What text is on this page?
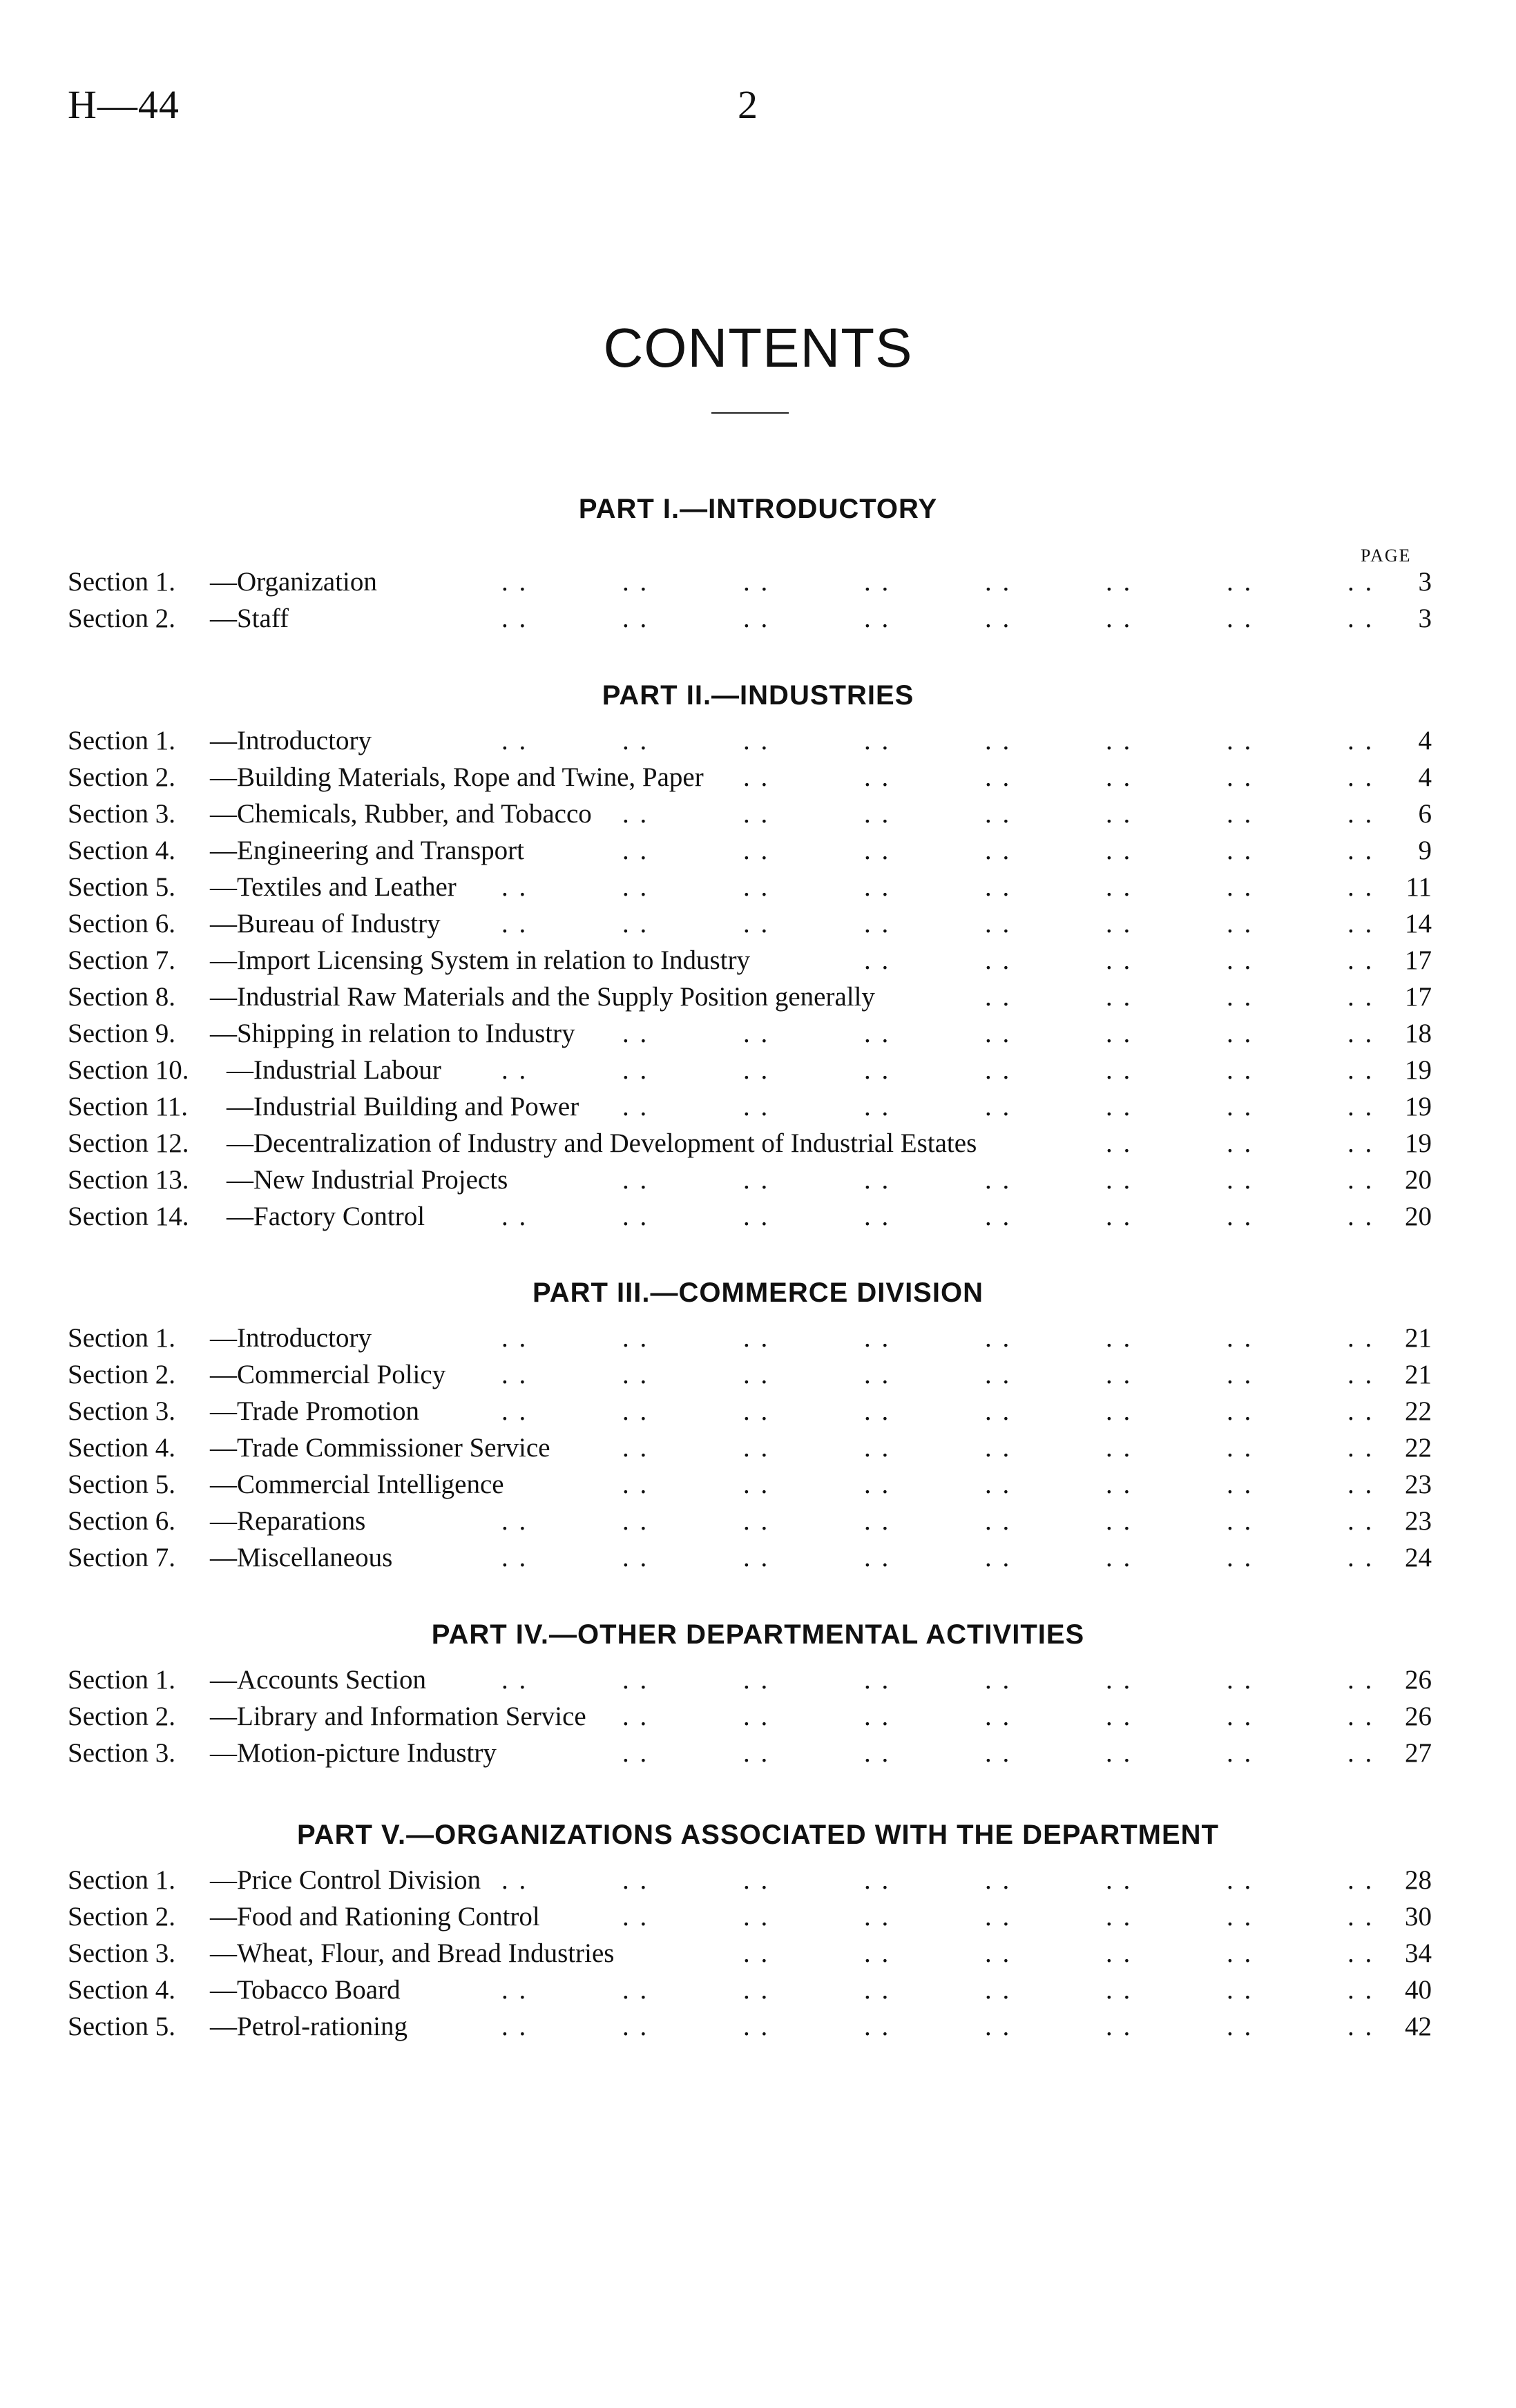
H—44	2
CONTENTS
PAGE
PART I.—INTRODUCTORY
Section 1. —Organization	. .	. .	. .	. .	. .	. .	. .	. . 3
Section 2. —Staff	. .	. .	. .	. .	. .	. .	. .	. . 3
PART II.—INDUSTRIES
Section 1. —Introductory	. .	. .	. .	. .	. .	. .	. .	. . 4
Section 2. —Building Materials, Rope and Twine, Paper . .	. .	. .	. .	. .	. . 4
Section 3. —Chemicals, Rubber, and Tobacco . .	. .	. .	. .	. .	. .	. . 6
Section 4. —Engineering and Transport	. .	. .	. .	. .	. .	. .	. . 9
Section 5. —Textiles and Leather . .	. .	. .	. .	. .	. .	. .	. . 11
Section 6. —Bureau of Industry . .	. .	. .	. .	. .	. .	. .	. . 14
Section 7. —Import Licensing System in relation to Industry	. .	. .	. .	. .	. . 17
Section 8. —Industrial Raw Materials and the Supply Position generally	. .	. .	. .	. . 17
Section 9. —Shipping in relation to Industry . .	. .	. .	. .	. .	. .	. . 18
Section 10. —Industrial Labour . .	. .	. .	. .	. .	. .	. .	. . 19
Section 11. —Industrial Building and Power . .	. .	. .	. .	. .	. .	. . 19
Section 12. —Decentralization of Industry and Development of Industrial Estates	. .	. .	. . 19
Section 13. —New Industrial Projects	. .	. .	. .	. .	. .	. .	. . 20
Section 14. —Factory Control	. .	. .	. .	. .	. .	. .	. .	. . 20
PART III.—COMMERCE DIVISION
Section 1. —Introductory	. .	. .	. .	. .	. .	. .	. .	. . 21
Section 2. —Commercial Policy . .	. .	. .	. .	. .	. .	. .	. . 21
Section 3. —Trade Promotion	. .	. .	. .	. .	. .	. .	. .	. . 22
Section 4. —Trade Commissioner Service	. .	. .	. .	. .	. .	. .	. . 22
Section 5. —Commercial Intelligence	. .	. .	. .	. .	. .	. .	. . 23
Section 6. —Reparations	. .	. .	. .	. .	. .	. .	. .	. . 23
Section 7. —Miscellaneous	. .	. .	. .	. .	. .	. .	. .	. . 24
PART IV.—OTHER DEPARTMENTAL ACTIVITIES
Section 1. —Accounts Section	. .	. .	. .	. .	. .	. .	. .	. . 26
Section 2. —Library and Information Service . .	. .	. .	. .	. .	. .	. . 26
Section 3. —Motion-picture Industry	. .	. .	. .	. .	. .	. .	. . 27
PART V.—ORGANIZATIONS ASSOCIATED WITH THE DEPARTMENT
Section 1. —Price Control Division . .	. .	. .	. .	. .	. .	. .	. . 28
Section 2. —Food and Rationing Control	. .	. .	. .	. .	. .	. .	. . 30
Section 3. —Wheat, Flour, and Bread Industries	. .	. .	. .	. .	. .	. . 34
Section 4. —Tobacco Board	. .	. .	. .	. .	. .	. .	. .	. . 40
Section 5. —Petrol-rationing	. .	. .	. .	. .	. .	. .	. .	. . 42
